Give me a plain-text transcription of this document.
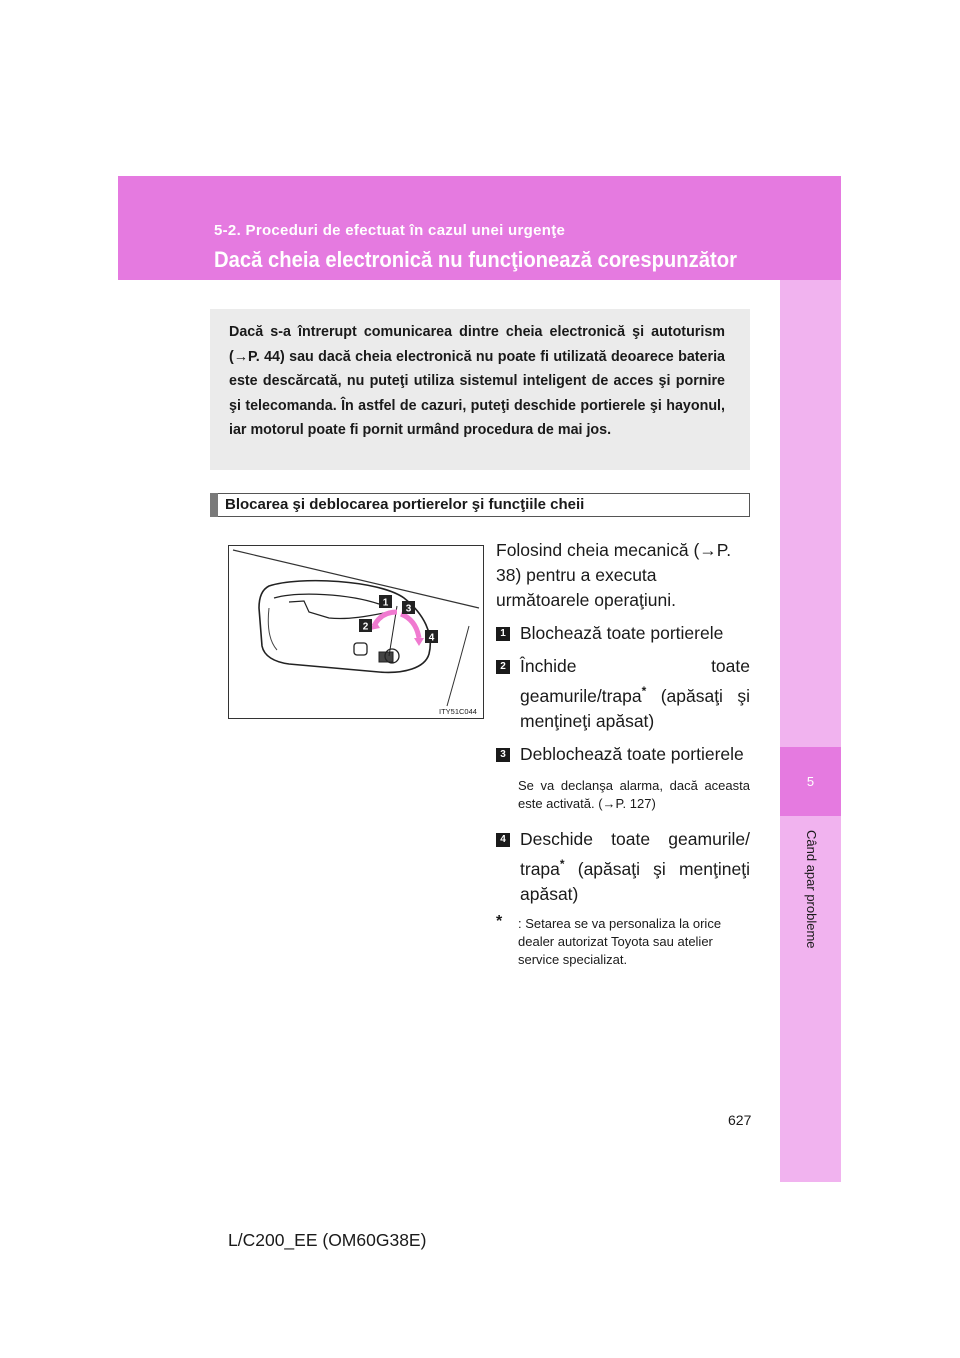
5-2. Proceduri de efectuat în cazul unei urgenţe
Dacă cheia electronică nu funcţionează corespunzător
5
Când apar probleme

Dacă s-a întrerupt comunicarea dintre cheia electronică şi autoturism (→P. 44) sau dacă cheia electronică nu poate fi utilizată deoarece bateria este descărcată, nu puteţi utiliza sistemul inteligent de acces şi pornire şi telecomanda. În astfel de cazuri, puteţi deschide portierele şi hayonul, iar motorul poate fi pornit urmând procedura de mai jos.

Blocarea şi deblocarea portierelor şi funcţiile cheii
1
2
3
4
ITY51C044

Folosind cheia mecanică (→P. 38) pentru a executa următoarele operaţiuni.

1 Blochează toate portierele
2 Închide toate geamurile/trapa* (apăsaţi şi menţineţi apăsat)
3 Deblochează toate portierele
Se va declanşa alarma, dacă aceasta este activată. (→P. 127)
4 Deschide toate geamurile/ trapa* (apăsaţi şi menţineţi apăsat)
* : Setarea se va personaliza la orice dealer autorizat Toyota sau atelier service specializat.
627
L/C200_EE (OM60G38E)
